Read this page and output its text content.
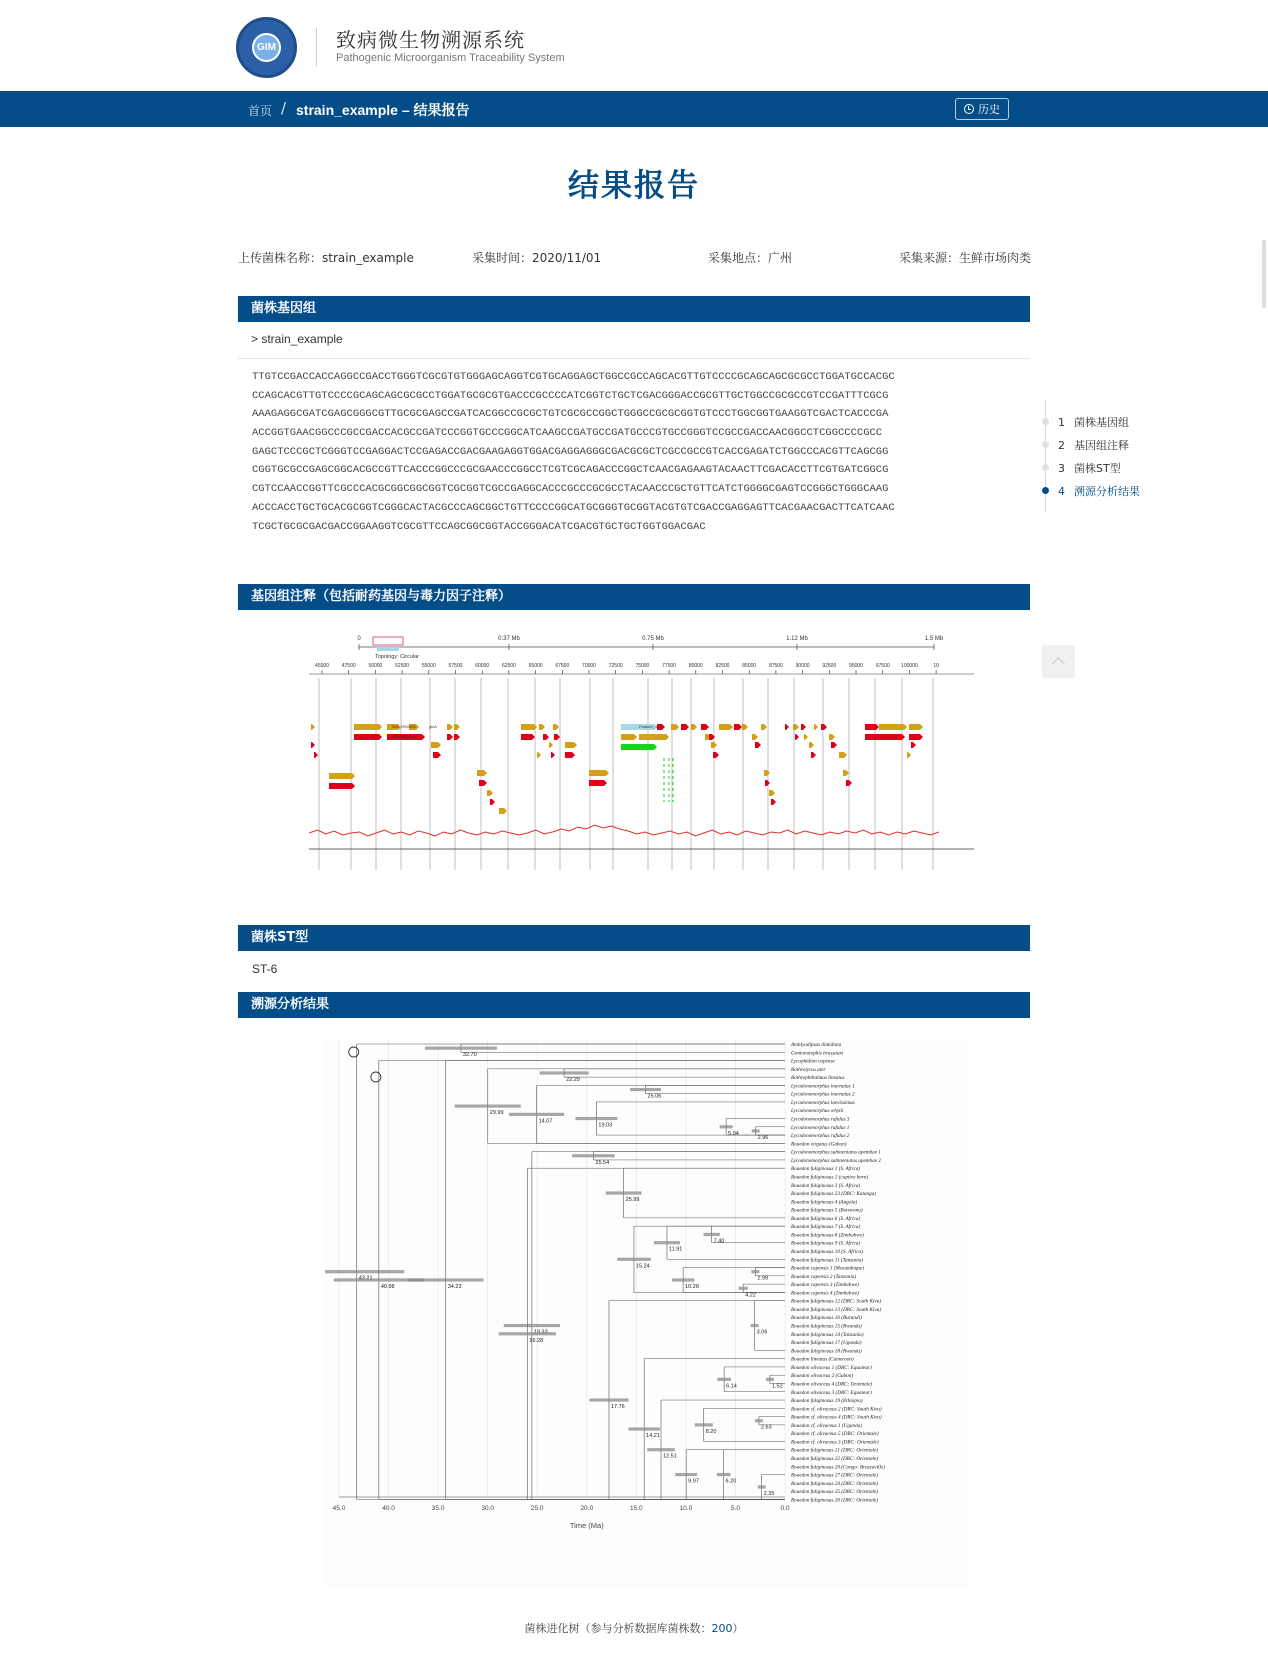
GIM	致病微生物溯源系统
Pathogenic Microorganism Traceability System
首页 / strain_example – 结果报告	历史
结果报告
上传菌株名称：strain_example	采集时间：2020/11/01	采集地点：广州	采集来源：生鲜市场肉类
菌株基因组
> strain_example
TTGTCCGACCACCAGGCCGACCTGGGTCGCGTGTGGGAGCAGGTCGTGCAGGAGCTGGCCGCCAGCACGTTGTCCCCGCAGCAGCGCGCCTGGATGCCACGC
CCAGCACGTTGTCCCCGCAGCAGCGCGCCTGGATGCGCGTGACCCGCCCCATCGGTCTGCTCGACGGGACCGCGTTGCTGGCCGCGCCGTCCGATTTCGCG
AAAGAGGCGATCGAGCGGGCGTTGCGCGAGCCGATCACGGCCGCGCTGTCGCGCCGGCTGGGCCGCGCGGTGTCCCTGGCGGTGAAGGTCGACTCACCCGA
ACCGGTGAACGGCCCGCCGACCACGCCGATCCCGGTGCCCGGCATCAAGCCGATGCCGATGCCCGTGCCGGGTCCGCCGACCAACGGCCTCGGCCCCGCC
GAGCTCCCGCTCGGGTCCGAGGACTCCGAGACCGACGAAGAGGTGGACGAGGAGGGCGACGCGCTCGCCGCCGTCACCGAGATCTGGCCCACGTTCAGCGG
CGGTGCGCCGAGCGGCACGCCGTTCACCCGGCCCGCGAACCCGGCCTCGTCGCAGACCCGGCTCAACGAGAAGTACAACTTCGACACCTTCGTGATCGGCG
CGTCCAACCGGTTCGCCCACGCGGCGGCGGTCGCGGTCGCCGAGGCACCCGCCCGCGCCTACAACCCGCTGTTCATCTGGGGCGAGTCCGGGCTGGGCAAG
ACCCACCTGCTGCACGCGGTCGGGCACTACGCCCAGCGGCTGTTCCCCGGCATGCGGGTGCGGTACGTGTCGACCGAGGAGTTCACGAACGACTTCATCAAC
TCGCTGCGCGACGACCGGAAGGTCGCGTTCCAGCGGCGGTACCGGGACATCGACGTGCTGCTGGTGGACGAC
1 菌株基因组
2 基因组注释
3 菌株ST型
4 溯源分析结果
基因组注释（包括耐药基因与毒力因子注释）
0	0.37 Mb	0.75 Mb	1.12 Mb	1.5 Mb
Topology: Circular
45000	47500	50000	52500	55000	57500	60000	62500	65000	67500	70000	72500	75000	77500	80000	82500	85000	87500	90000	92500	95000	97500 100000	10
WG_RS0025
WG_RS0030
glcA	Feature_140
菌株ST型
ST-6
溯源分析结果
45.0	40.0	35.0	30.0	25.0	20.0	15.0	10.0	5.0	0.0
Time (Ma)
Amblyodipsas dimidiata
Gonionotophis brussauxi
Lycophidion capense
Bothrolycus ater
Bothrophthalmus lineatus
Lycodonomorphus inornatus 1
Lycodonomorphus inornatus 2
Lycodonomorphus laevissimus
Lycodonomorphus whytii
Lycodonomorphus rufulus 3
Lycodonomorphus rufulus 1
Lycodonomorphus rufulus 2
Boaedon virgatus (Gabon)
Lycodonomorphus subtaeniatus upembae 1
Lycodonomorphus subtaeniatus upembae 2
Boaedon fuliginosus 1 (S. Africa)
Boaedon fuliginosus 2 (captive born)
Boaedon fuliginosus 3 (S. Africa)
Boaedon fuliginosus 23 (DRC: Katanga)
Boaedon fuliginosus 4 (Angola)
Boaedon fuliginosus 5 (Botswana)
Boaedon fuliginosus 6 (S. Africa)
Boaedon fuliginosus 7 (S. Africa)
Boaedon fuliginosus 8 (Zimbabwe)
Boaedon fuliginosus 9 (S. Africa)
Boaedon fuliginosus 10 (S. Africa)
Boaedon fuliginosus 11 (Tanzania)
Boaedon capensis 1 (Mozambique)
Boaedon capensis 2 (Tanzania)
Boaedon capensis 3 (Zimbabwe)
Boaedon capensis 4 (Zimbabwe)
Boaedon fuliginosus 12 (DRC: South Kivu)
Boaedon fuliginosus 13 (DRC: South Kivu)
Boaedon fuliginosus 16 (Burundi)
Boaedon fuliginosus 15 (Rwanda)
Boaedon fuliginosus 14 (Tanzania)
Boaedon fuliginosus 17 (Uganda)
Boaedon fuliginosus 18 (Rwanda)
Boaedon lineatus (Cameroon)
Boaedon olivaceus 1 (DRC: Equateur)
Boaedon olivaceus 2 (Gabon)
Boaedon olivaceus 4 (DRC: Orientale)
Boaedon olivaceus 3 (DRC: Equateur)
Boaedon fuliginosus 19 (Ethiopia)
Boaedon cf. olivaceus 2 (DRC: South Kivu)
Boaedon cf. olivaceus 4 (DRC: South Kivu)
Boaedon cf. olivaceus 1 (Uganda)
Boaedon cf. olivaceus 5 (DRC: Orientale)
Boaedon cf. olivaceus 3 (DRC: Orientale)
Boaedon fuliginosus 21 (DRC: Orientale)
Boaedon fuliginosus 22 (DRC: Orientale)
Boaedon fuliginosus 20 (Congo: Brazzaville)
Boaedon fuliginosus 27 (DRC: Orientale)
Boaedon fuliginosus 24 (DRC: Orientale)
Boaedon fuliginosus 25 (DRC: Orientale)
Boaedon fuliginosus 26 (DRC: Orientale)
40.98
32.70
34.23
29.99
22.29
14.07
25.06
19.03
5.94
2.96
25.54
16.28
25.99
15.24
11.91
7.40
10.28
2.99
4.22
17.76
3.06
14.21
6.14	1.52
12.51
8.20
2.63
9.97	6.20
2.35
菌株进化树（参与分析数据库菌株数：200）
